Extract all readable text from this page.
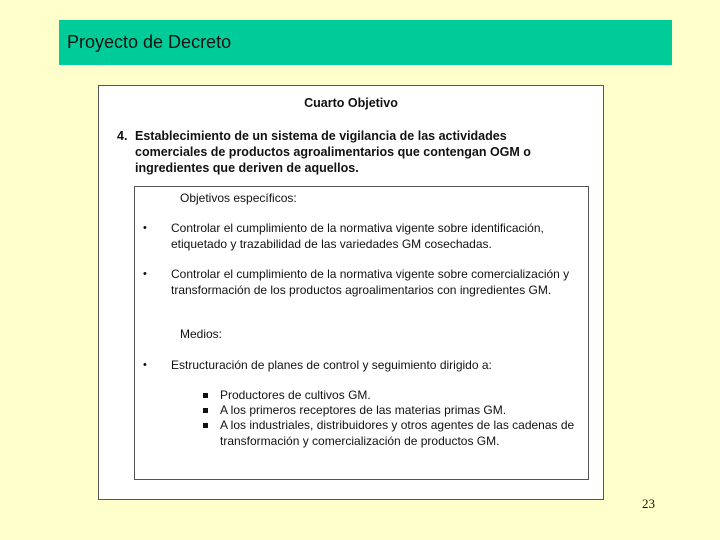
Proyecto de Decreto
Cuarto Objetivo
4. Establecimiento de un sistema de vigilancia de las actividades comerciales de productos agroalimentarios que contengan OGM o ingredientes que deriven de aquellos.
Objetivos específicos:
• Controlar el cumplimiento de la normativa vigente sobre identificación, etiquetado y trazabilidad de las variedades GM cosechadas.
• Controlar el cumplimiento de la normativa vigente sobre comercialización y transformación de los productos agroalimentarios con ingredientes GM.
Medios:
• Estructuración de planes de control y seguimiento dirigido a:
Productores de cultivos GM.
A los primeros receptores de las materias primas GM.
A los industriales, distribuidores y otros agentes de las cadenas de transformación y comercialización de productos GM.
23
